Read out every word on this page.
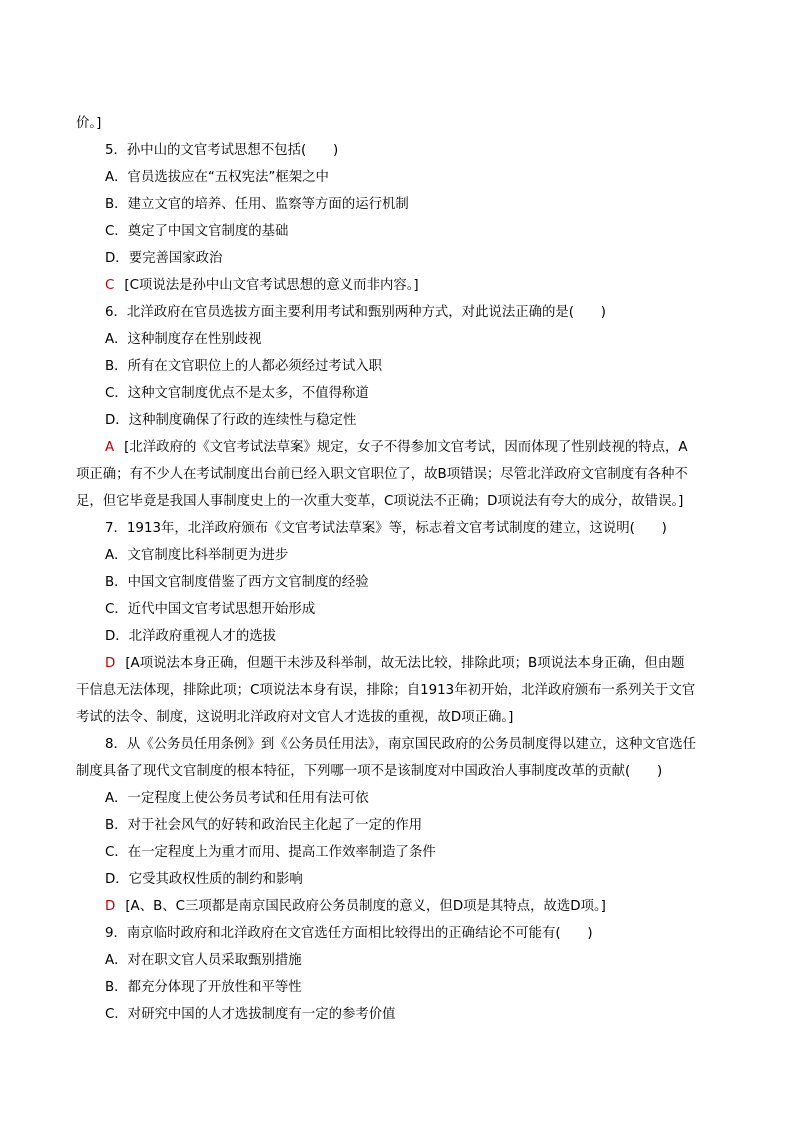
价。]
5．孙中山的文官考试思想不包括(　　)
A．官员选拔应在“五权宪法”框架之中
B．建立文官的培养、任用、监察等方面的运行机制
C．奠定了中国文官制度的基础
D．要完善国家政治
C [C项说法是孙中山文官考试思想的意义而非内容。]
6．北洋政府在官员选拔方面主要利用考试和甄别两种方式，对此说法正确的是(　　)
A．这种制度存在性别歧视
B．所有在文官职位上的人都必须经过考试入职
C．这种文官制度优点不是太多，不值得称道
D．这种制度确保了行政的连续性与稳定性
A [北洋政府的《文官考试法草案》规定，女子不得参加文官考试，因而体现了性别歧视的特点，A
项正确；有不少人在考试制度出台前已经入职文官职位了，故B项错误；尽管北洋政府文官制度有各种不
足，但它毕竟是我国人事制度史上的一次重大变革，C项说法不正确；D项说法有夸大的成分，故错误。]
7．1913年，北洋政府颁布《文官考试法草案》等，标志着文官考试制度的建立，这说明(　　)
A．文官制度比科举制更为进步
B．中国文官制度借鉴了西方文官制度的经验
C．近代中国文官考试思想开始形成
D．北洋政府重视人才的选拔
D [A项说法本身正确，但题干未涉及科举制，故无法比较，排除此项；B项说法本身正确，但由题
干信息无法体现，排除此项；C项说法本身有误，排除；自1913年初开始，北洋政府颁布一系列关于文官
考试的法令、制度，这说明北洋政府对文官人才选拔的重视，故D项正确。]
8．从《公务员任用条例》到《公务员任用法》，南京国民政府的公务员制度得以建立，这种文官选任
制度具备了现代文官制度的根本特征，下列哪一项不是该制度对中国政治人事制度改革的贡献(　　)
A．一定程度上使公务员考试和任用有法可依
B．对于社会风气的好转和政治民主化起了一定的作用
C．在一定程度上为重才而用、提高工作效率制造了条件
D．它受其政权性质的制约和影响
D [A、B、C三项都是南京国民政府公务员制度的意义，但D项是其特点，故选D项。]
9．南京临时政府和北洋政府在文官选任方面相比较得出的正确结论不可能有(　　)
A．对在职文官人员采取甄别措施
B．都充分体现了开放性和平等性
C．对研究中国的人才选拔制度有一定的参考价值
